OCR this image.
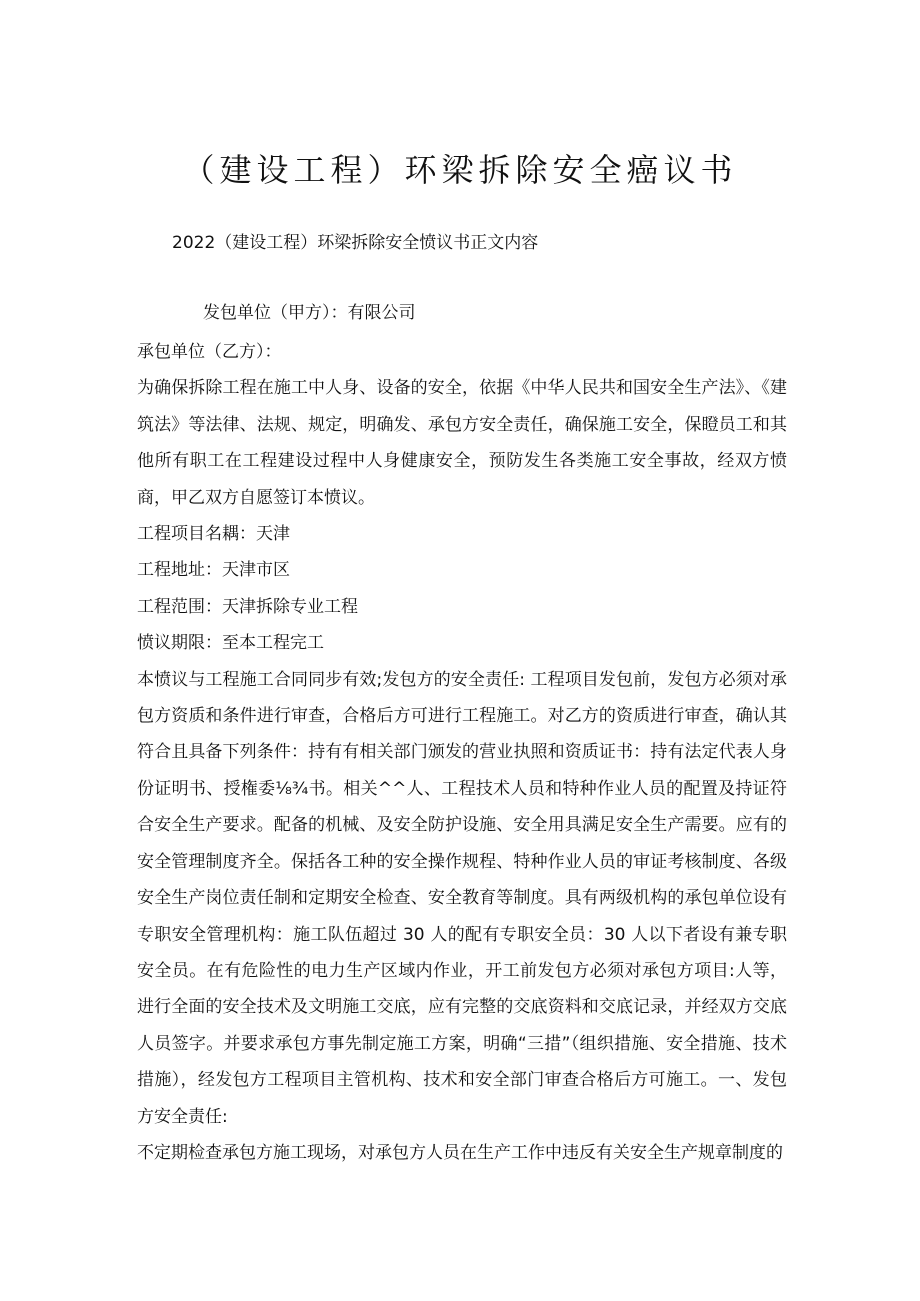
（建设工程）环梁拆除安全癌议书
2022（建设工程）环梁拆除安全愤议书正文内容
发包单位（甲方）：有限公司

承包单位（乙方）：

为确保拆除工程在施工中人身、设备的安全，依据《中华人民共和国安全生产法》、《建筑法》等法律、法规、规定，明确发、承包方安全责任，确保施工安全，保瞪员工和其他所有职工在工程建设过程中人身健康安全，预防发生各类施工安全事故，经双方愤商，甲乙双方自愿签订本愤议。

工程项目名耦：天津

工程地址：天津市区

工程范围：天津拆除专业工程

愤议期限：至本工程完工

本愤议与工程施工合同同步有效;发包方的安全责任: 工程项目发包前，发包方必须对承包方资质和条件进行审查，合格后方可进行工程施工。对乙方的资质进行审查，确认其符合且具备下列条件：持有有相关部门颁发的营业执照和资质证书：持有法定代表人身份证明书、授権委⅛¾书。相关^^人、工程技术人员和特种作业人员的配置及持证符合安全生产要求。配备的机械、及安全防护设施、安全用具满足安全生产需要。应有的安全管理制度齐全。保括各工种的安全操作规程、特种作业人员的审证考核制度、各级安全生产岗位责任制和定期安全检查、安全教育等制度。具有两级机构的承包单位设有专职安全管理机构：施工队伍超过 30 人的配有专职安全员：30 人以下者设有兼专职安全员。在有危险性的电力生产区域内作业，开工前发包方必须对承包方项目:人等，进行全面的安全技术及文明施工交底，应有完整的交底资料和交底记录，并经双方交底人员签字。并要求承包方事先制定施工方案，明确“三措”（组织措施、安全措施、技术措施），经发包方工程项目主管机构、技术和安全部门审查合格后方可施工。一、发包方安全责任:

不定期检查承包方施工现场，对承包方人员在生产工作中违反有关安全生产规章制度的
